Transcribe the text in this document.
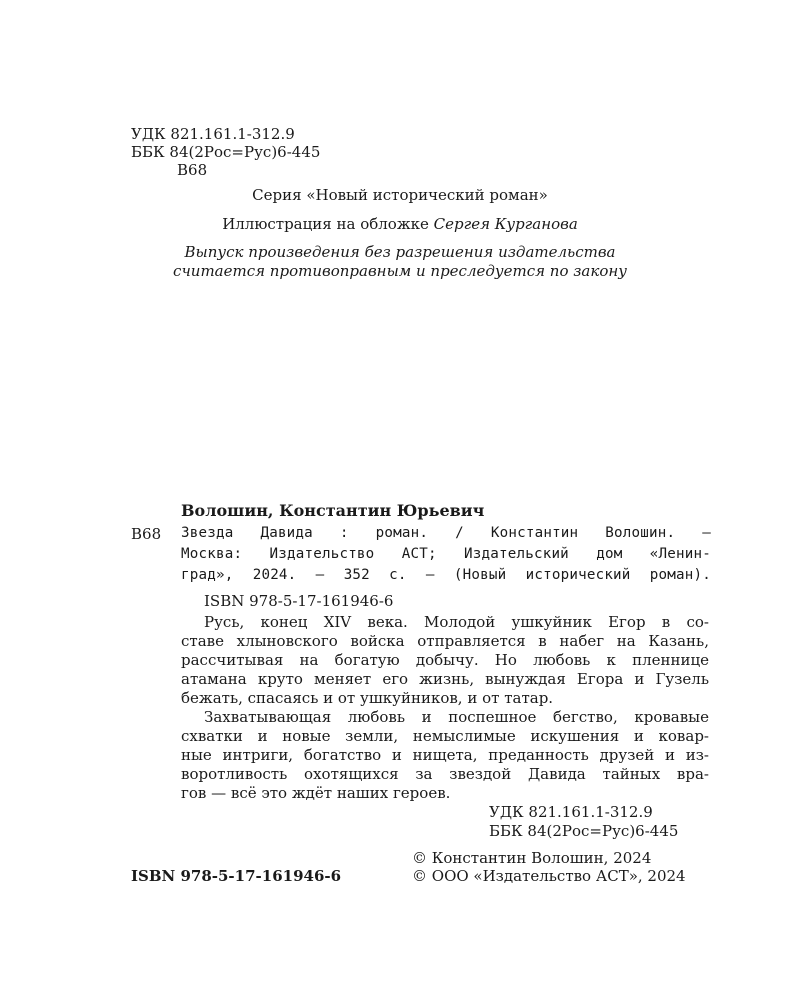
УДК 821.161.1-312.9

ББК 84(2Рос=Рус)6-445

В68

Серия «Новый исторический роман»

Иллюстрация на обложке Сергея Курганова

Выпуск произведения без разрешения издательства

считается противоправным и преследуется по закону

Волошин, Константин Юрьевич

В68 Звезда Давида : роман. / Константин Волошин. —
Москва: Издательство АСТ; Издательский дом «Ленин-
град», 2024. — 352 с. — (Новый исторический роман).

ISBN 978-5-17-161946-6

Русь, конец XIV века. Молодой ушкуйник Егор в со-
ставе хлыновского войска отправляется в набег на Казань,
рассчитывая на богатую добычу. Но любовь к пленнице
атамана круто меняет его жизнь, вынуждая Егора и Гузель
бежать, спасаясь и от ушкуйников, и от татар.
Захватывающая любовь и поспешное бегство, кровавые
схватки и новые земли, немыслимые искушения и ковар-
ные интриги, богатство и нищета, преданность друзей и из-
воротливость охотящихся за звездой Давида тайных вра-
гов — всё это ждёт наших героев.

УДК 821.161.1-312.9

ББК 84(2Рос=Рус)6-445

© Константин Волошин, 2024

© ООО «Издательство АСТ», 2024

ISBN 978-5-17-161946-6
